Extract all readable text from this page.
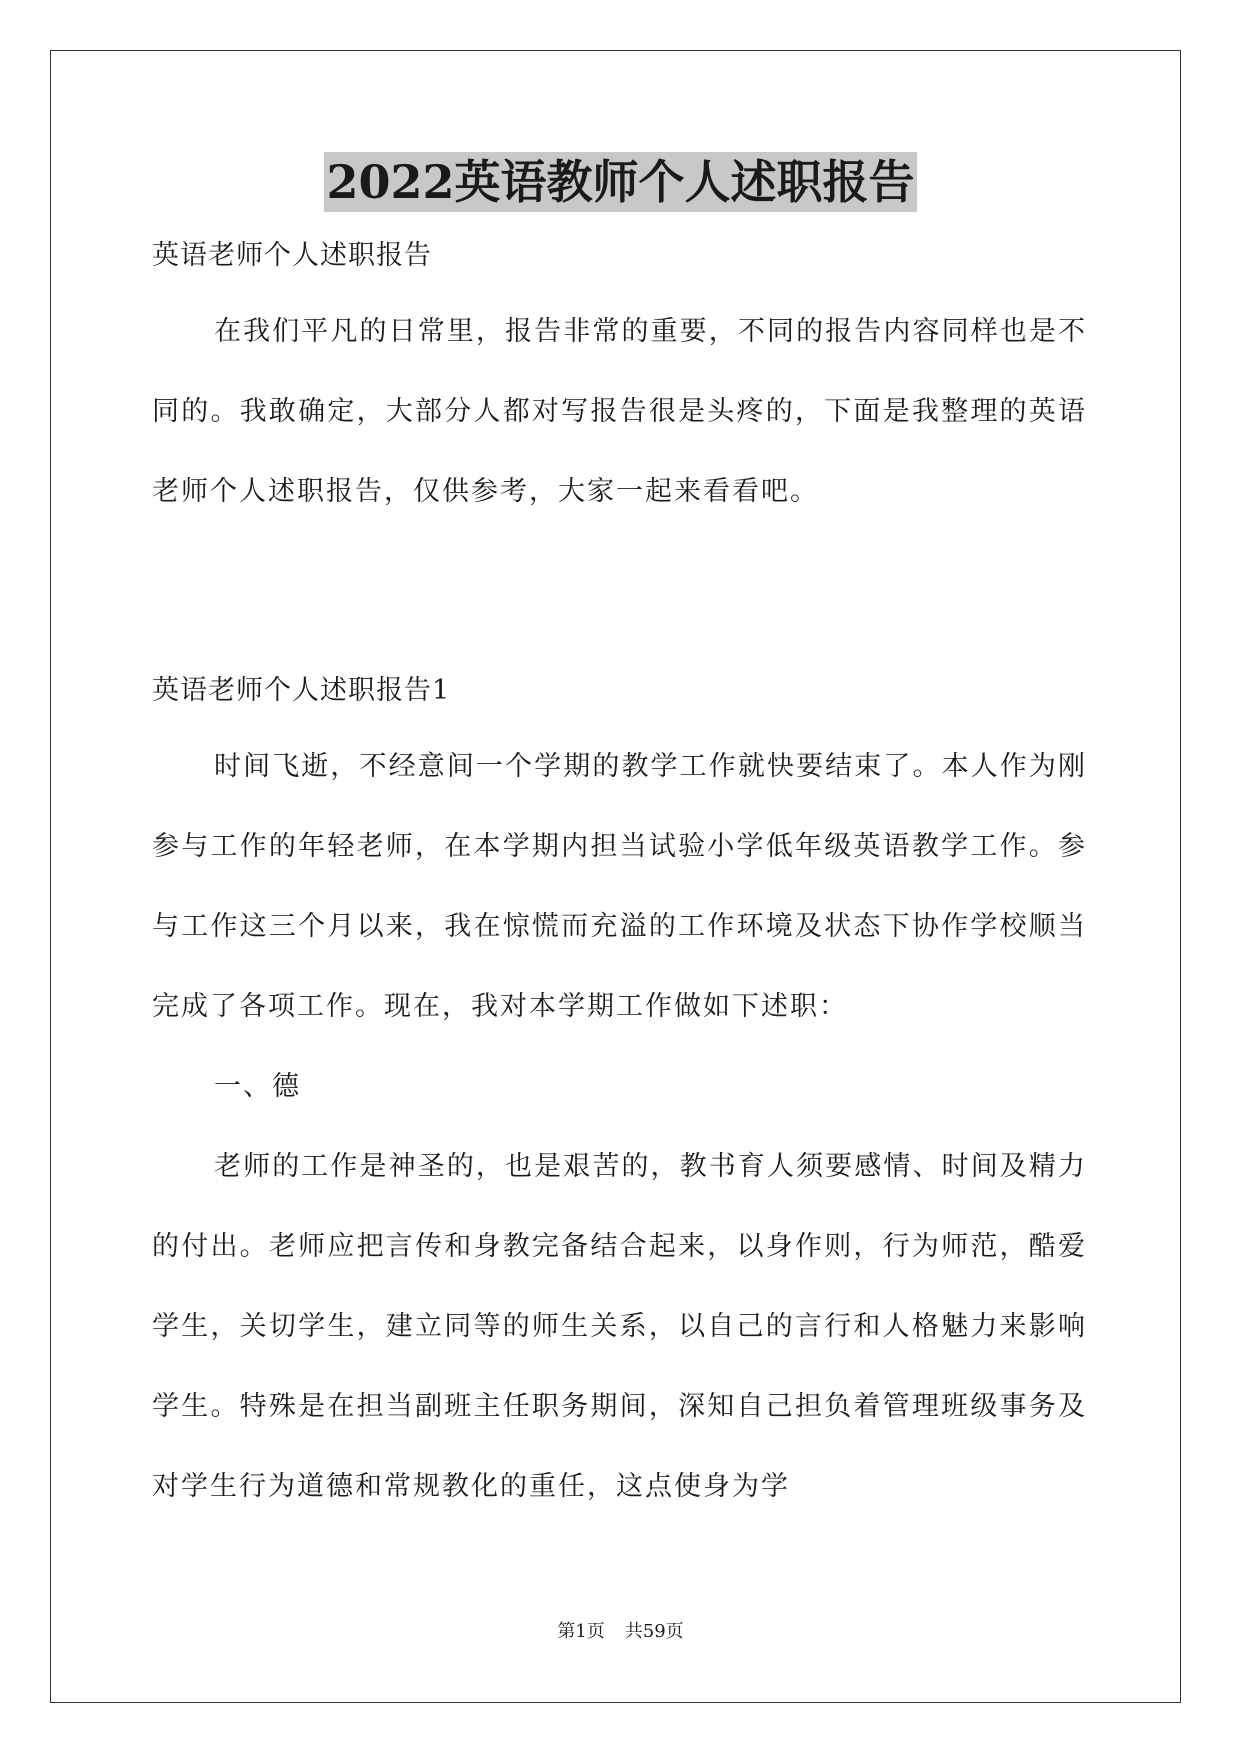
2022英语教师个人述职报告

英语老师个人述职报告

在我们平凡的日常里，报告非常的重要，不同的报告内容同样也是不同的。我敢确定，大部分人都对写报告很是头疼的，下面是我整理的英语老师个人述职报告，仅供参考，大家一起来看看吧。

英语老师个人述职报告1

时间飞逝，不经意间一个学期的教学工作就快要结束了。本人作为刚参与工作的年轻老师，在本学期内担当试验小学低年级英语教学工作。参与工作这三个月以来，我在惊慌而充溢的工作环境及状态下协作学校顺当完成了各项工作。现在，我对本学期工作做如下述职：

一、德

老师的工作是神圣的，也是艰苦的，教书育人须要感情、时间及精力的付出。老师应把言传和身教完备结合起来，以身作则，行为师范，酷爱学生，关切学生，建立同等的师生关系，以自己的言行和人格魅力来影响学生。特殊是在担当副班主任职务期间，深知自己担负着管理班级事务及对学生行为道德和常规教化的重任，这点使身为学

第1页 共59页
